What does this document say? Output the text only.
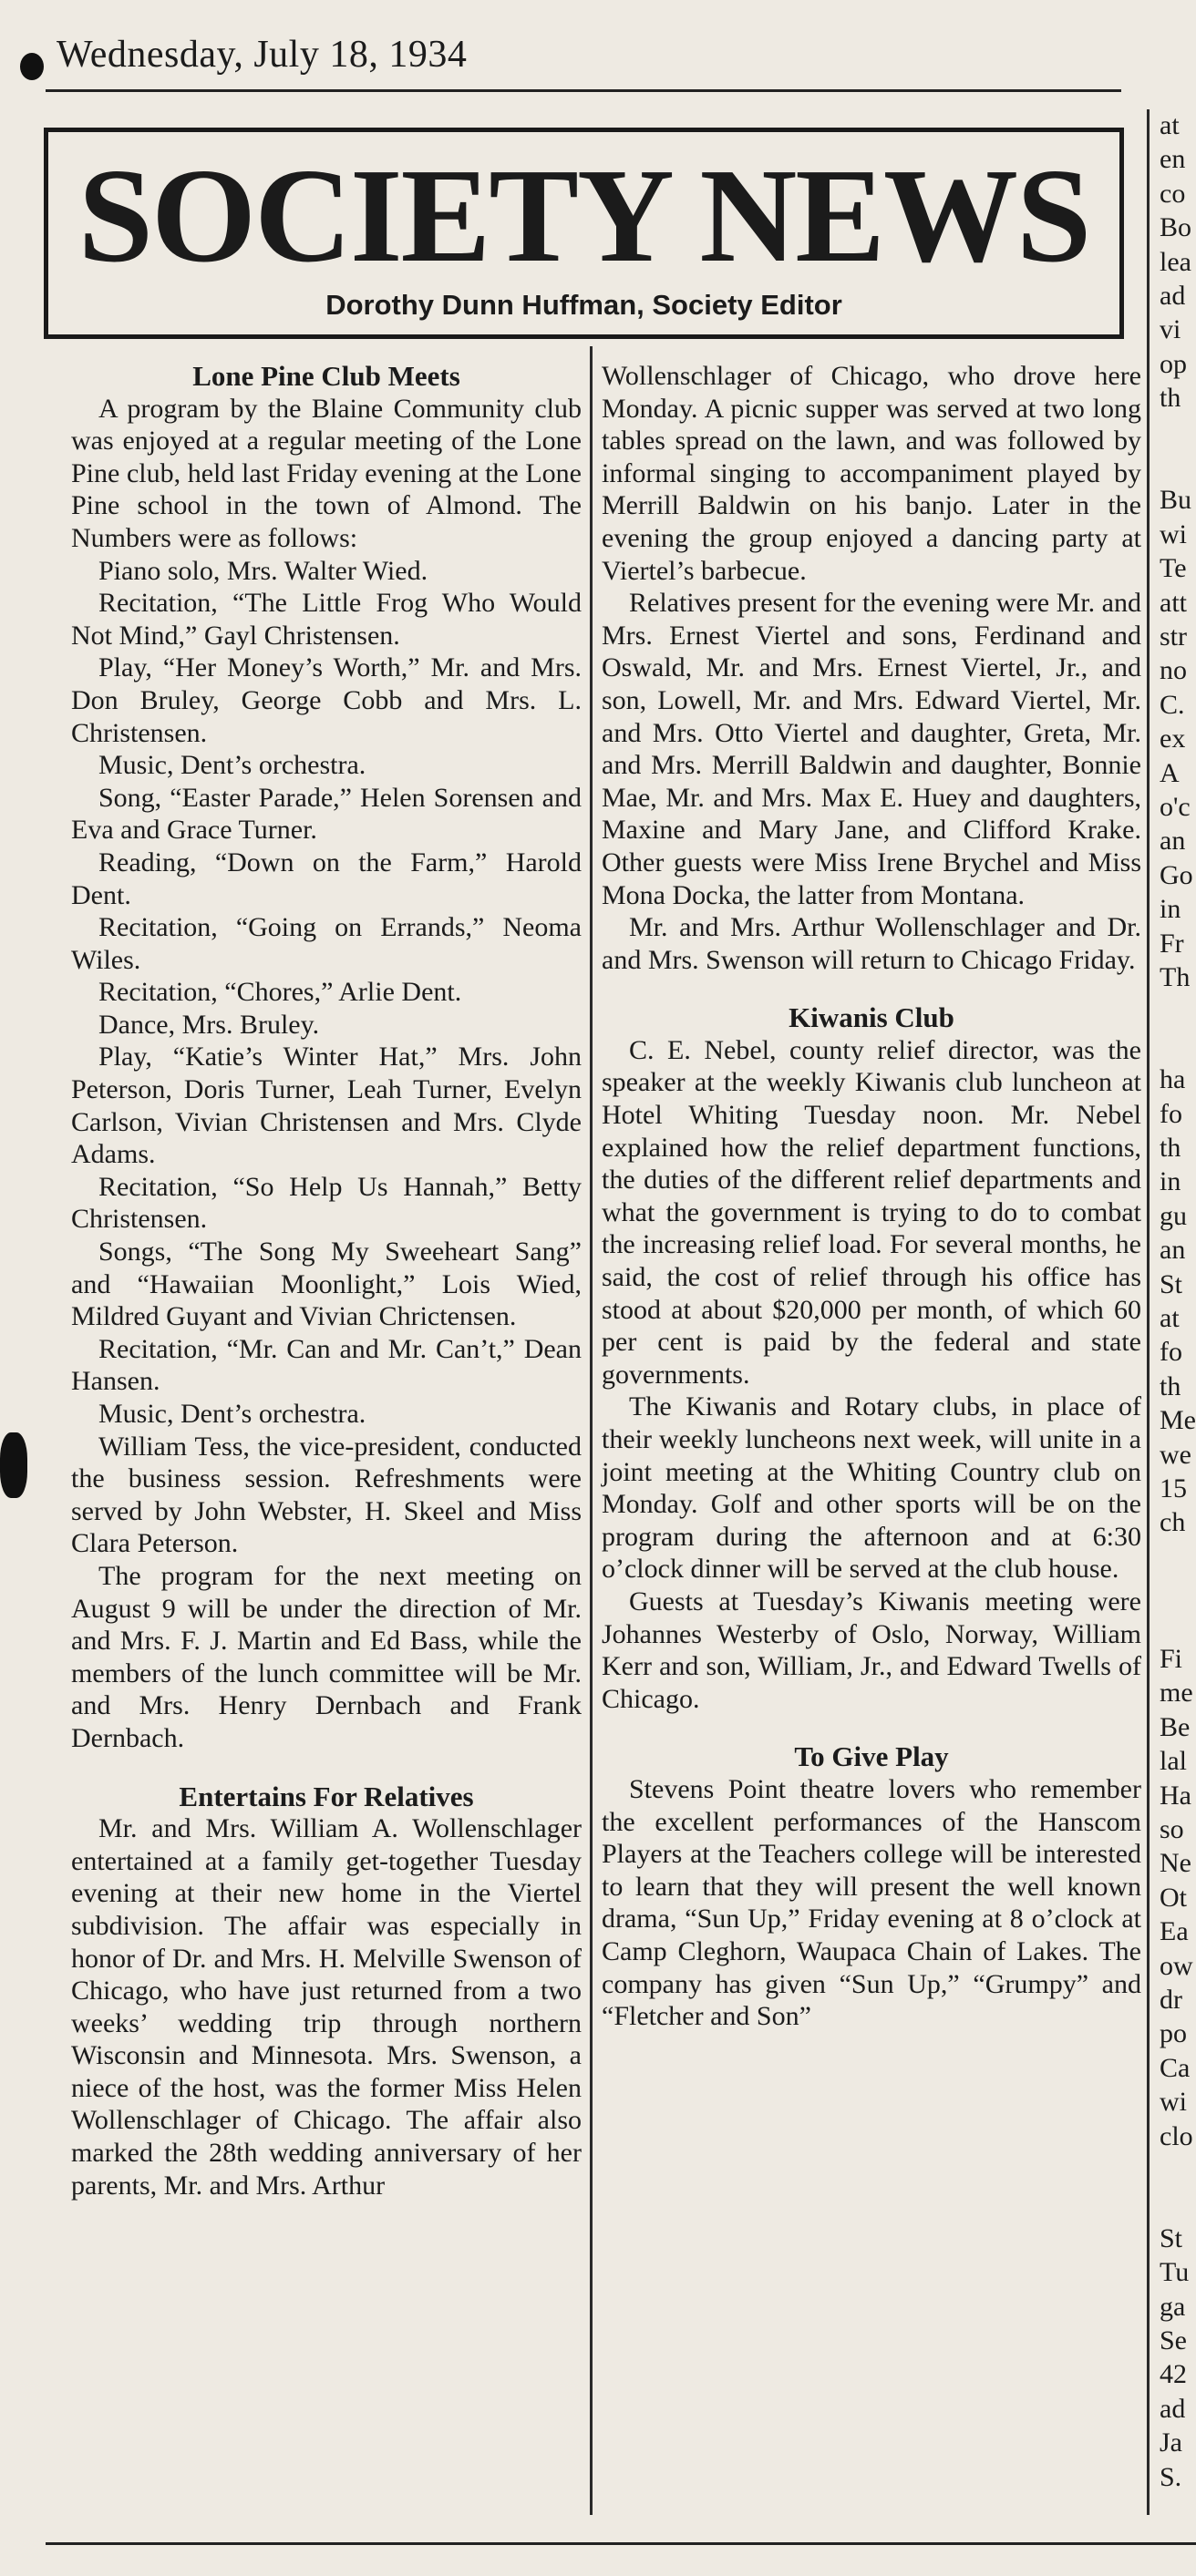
Wednesday, July 18, 1934
SOCIETY NEWS
Dorothy Dunn Huffman, Society Editor
Lone Pine Club Meets
A program by the Blaine Community club was enjoyed at a regular meeting of the Lone Pine club, held last Friday evening at the Lone Pine school in the town of Almond. The Numbers were as follows:
Piano solo, Mrs. Walter Wied.
Recitation, “The Little Frog Who Would Not Mind,” Gayl Christensen.
Play, “Her Money’s Worth,” Mr. and Mrs. Don Bruley, George Cobb and Mrs. L. Christensen.
Music, Dent’s orchestra.
Song, “Easter Parade,” Helen Sorensen and Eva and Grace Turner.
Reading, “Down on the Farm,” Harold Dent.
Recitation, “Going on Errands,” Neoma Wiles.
Recitation, “Chores,” Arlie Dent.
Dance, Mrs. Bruley.
Play, “Katie’s Winter Hat,” Mrs. John Peterson, Doris Turner, Leah Turner, Evelyn Carlson, Vivian Christensen and Mrs. Clyde Adams.
Recitation, “So Help Us Hannah,” Betty Christensen.
Songs, “The Song My Sweeheart Sang” and “Hawaiian Moonlight,” Lois Wied, Mildred Guyant and Vivian Chrictensen.
Recitation, “Mr. Can and Mr. Can’t,” Dean Hansen.
Music, Dent’s orchestra.
William Tess, the vice-president, conducted the business session. Refreshments were served by John Webster, H. Skeel and Miss Clara Peterson.
The program for the next meeting on August 9 will be under the direction of Mr. and Mrs. F. J. Martin and Ed Bass, while the members of the lunch committee will be Mr. and Mrs. Henry Dernbach and Frank Dernbach.
Entertains For Relatives
Mr. and Mrs. William A. Wollenschlager entertained at a family get-together Tuesday evening at their new home in the Viertel subdivision. The affair was especially in honor of Dr. and Mrs. H. Melville Swenson of Chicago, who have just returned from a two weeks’ wedding trip through northern Wisconsin and Minnesota. Mrs. Swenson, a niece of the host, was the former Miss Helen Wollenschlager of Chicago. The affair also marked the 28th wedding anniversary of her parents, Mr. and Mrs. Arthur
Wollenschlager of Chicago, who drove here Monday. A picnic supper was served at two long tables spread on the lawn, and was followed by informal singing to accompaniment played by Merrill Baldwin on his banjo. Later in the evening the group enjoyed a dancing party at Viertel’s barbecue.
Relatives present for the evening were Mr. and Mrs. Ernest Viertel and sons, Ferdinand and Oswald, Mr. and Mrs. Ernest Viertel, Jr., and son, Lowell, Mr. and Mrs. Edward Viertel, Mr. and Mrs. Otto Viertel and daughter, Greta, Mr. and Mrs. Merrill Baldwin and daughter, Bonnie Mae, Mr. and Mrs. Max E. Huey and daughters, Maxine and Mary Jane, and Clifford Krake. Other guests were Miss Irene Brychel and Miss Mona Docka, the latter from Montana.
Mr. and Mrs. Arthur Wollenschlager and Dr. and Mrs. Swenson will return to Chicago Friday.
Kiwanis Club
C. E. Nebel, county relief director, was the speaker at the weekly Kiwanis club luncheon at Hotel Whiting Tuesday noon. Mr. Nebel explained how the relief department functions, the duties of the different relief departments and what the government is trying to do to combat the increasing relief load. For several months, he said, the cost of relief through his office has stood at about $20,000 per month, of which 60 per cent is paid by the federal and state governments.
The Kiwanis and Rotary clubs, in place of their weekly luncheons next week, will unite in a joint meeting at the Whiting Country club on Monday. Golf and other sports will be on the program during the afternoon and at 6:30 o’clock dinner will be served at the club house.
Guests at Tuesday’s Kiwanis meeting were Johannes Westerby of Oslo, Norway, William Kerr and son, William, Jr., and Edward Twells of Chicago.
To Give Play
Stevens Point theatre lovers who remember the excellent performances of the Hanscom Players at the Teachers college will be interested to learn that they will present the well known drama, “Sun Up,” Friday evening at 8 o’clock at Camp Cleghorn, Waupaca Chain of Lakes. The company has given “Sun Up,” “Grumpy” and “Fletcher and Son”
at
en
co
Bo
lea
ad
vi
op
th
Bu
wi
Te
att
str
no
C.
ex
A
o'c
an
Go
in
Fr
Th
ha
fo
th
in
gu
an
St
at
fo
th
Me
we
15
ch
Fi
me
Be
lal
Ha
so
Ne
Ot
Ea
ow
dr
po
Ca
wi
clo
St
Tu
ga
Se
42
ad
Ja
S.
